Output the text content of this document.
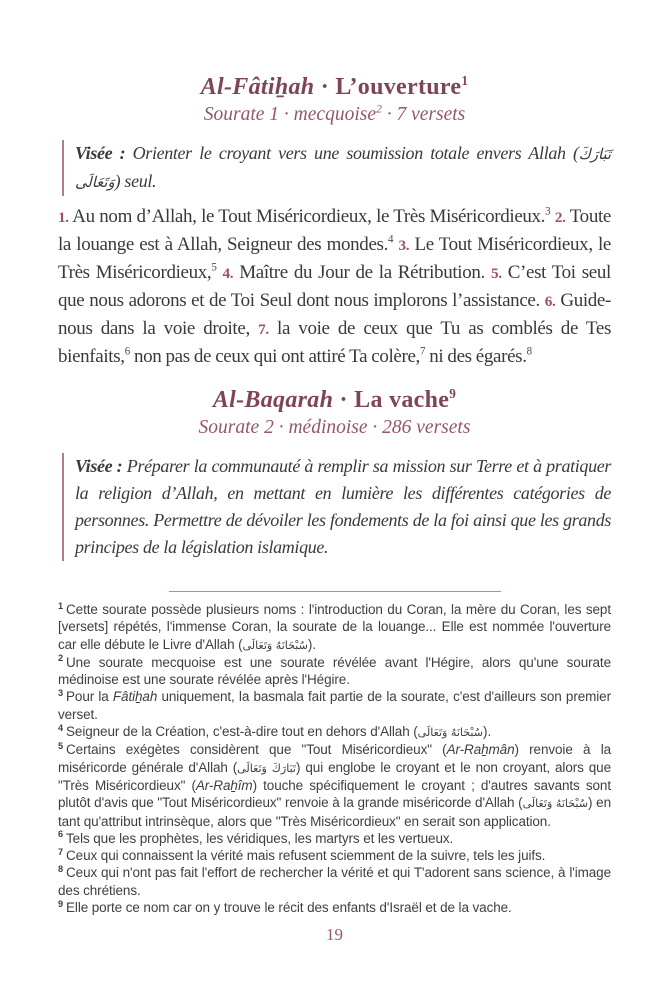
Al-Fâtiẖah · L’ouverture$^1$

Sourate 1 · mecquoise$^2$ · 7 versets

Visée : Orienter le croyant vers une soumission totale envers Allah (تَبَارَكَ وَتَعَالَى) seul.

1. Au nom d’Allah, le Tout Miséricordieux, le Très Miséricordieux.$^3$ 2. Toute la louange est à Allah, Seigneur des mondes.$^4$ 3. Le Tout Miséricordieux, le Très Miséricordieux,$^5$ 4. Maître du Jour de la Rétribution. 5. C’est Toi seul que nous adorons et de Toi Seul dont nous implorons l’assistance. 6. Guide-nous dans la voie droite, 7. la voie de ceux que Tu as comblés de Tes bienfaits,$^6$ non pas de ceux qui ont attiré Ta colère,$^7$ ni des égarés.$^8$

Al-Baqarah · La vache$^9$

Sourate 2 · médinoise · 286 versets

Visée : Préparer la communauté à remplir sa mission sur Terre et à pratiquer la religion d’Allah, en mettant en lumière les différentes catégories de personnes. Permettre de dévoiler les fondements de la foi ainsi que les grands principes de la législation islamique.

$^1$ Cette sourate possède plusieurs noms : l'introduction du Coran, la mère du Coran, les sept [versets] répétés, l'immense Coran, la sourate de la louange... Elle est nommée l'ouverture car elle débute le Livre d'Allah (سُبْحَانَهُ وَتَعَالَى).

$^2$ Une sourate mecquoise est une sourate révélée avant l'Hégire, alors qu'une sourate médinoise est une sourate révélée après l'Hégire.

$^3$ Pour la Fâtiẖah uniquement, la basmala fait partie de la sourate, c'est d'ailleurs son premier verset.

$^4$ Seigneur de la Création, c'est-à-dire tout en dehors d'Allah (سُبْحَانَهُ وَتَعَالَى).

$^5$ Certains exégètes considèrent que "Tout Miséricordieux" (Ar-Raẖmân) renvoie à la miséricorde générale d'Allah (تَبَارَكَ وَتَعَالَى) qui englobe le croyant et le non croyant, alors que "Très Miséricordieux" (Ar-Raẖîm) touche spécifiquement le croyant ; d'autres savants sont plutôt d'avis que "Tout Miséricordieux" renvoie à la grande miséricorde d'Allah (سُبْحَانَهُ وَتَعَالَى) en tant qu'attribut intrinsèque, alors que "Très Miséricordieux" en serait son application.

$^6$ Tels que les prophètes, les véridiques, les martyrs et les vertueux.

$^7$ Ceux qui connaissent la vérité mais refusent sciemment de la suivre, tels les juifs.

$^8$ Ceux qui n'ont pas fait l'effort de rechercher la vérité et qui T'adorent sans science, à l'image des chrétiens.

$^9$ Elle porte ce nom car on y trouve le récit des enfants d'Israël et de la vache.

19
